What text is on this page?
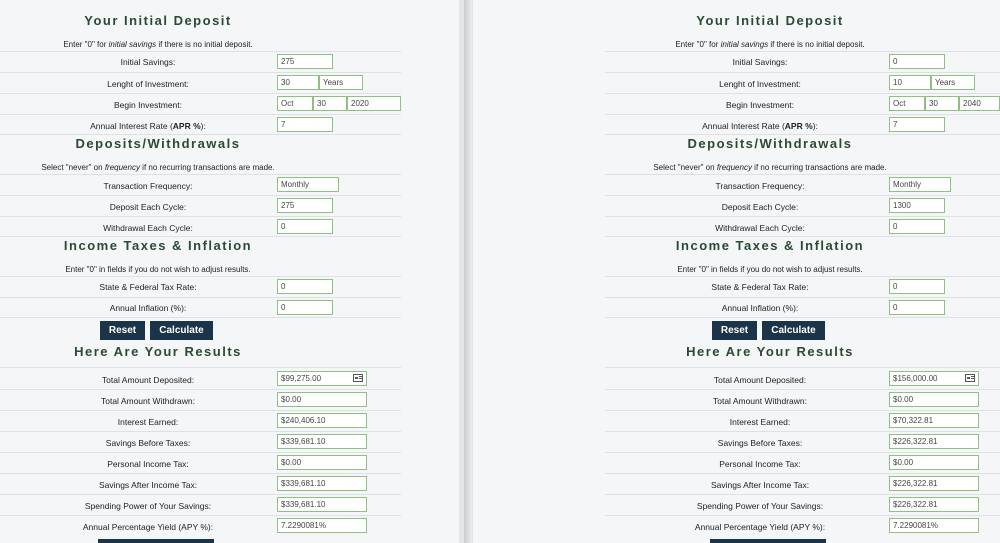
Your Initial Deposit
Enter "0" for initial savings if there is no initial deposit.
Initial Savings:	275
Lenght of Investment:	30	Years
Begin Investment:	Oct	30	2020
Annual Interest Rate (APR %):	7
Deposits/Withdrawals
Select "never" on frequency if no recurring transactions are made.
Transaction Frequency:	Monthly
Deposit Each Cycle:	275
Withdrawal Each Cycle:	0
Income Taxes & Inflation
Enter "0" in fields if you do not wish to adjust results.
State & Federal Tax Rate:	0
Annual Inflation (%):	0
Reset	Calculate
Here Are Your Results
Total Amount Deposited:	$99,275.00
Total Amount Withdrawn:	$0.00
Interest Earned:	$240,406.10
Savings Before Taxes:	$339,681.10
Personal Income Tax:	$0.00
Savings After Income Tax:	$339,681.10
Spending Power of Your Savings:	$339,681.10
Annual Percentage Yield (APY %):	7.2290081%
Your Initial Deposit
Enter "0" for initial savings if there is no initial deposit.
Initial Savings:	0
Lenght of Investment:	10	Years
Begin Investment:	Oct	30	2040
Annual Interest Rate (APR %):	7
Deposits/Withdrawals
Select "never" on frequency if no recurring transactions are made.
Transaction Frequency:	Monthly
Deposit Each Cycle:	1300
Withdrawal Each Cycle:	0
Income Taxes & Inflation
Enter "0" in fields if you do not wish to adjust results.
State & Federal Tax Rate:	0
Annual Inflation (%):	0
Reset	Calculate
Here Are Your Results
Total Amount Deposited:	$156,000.00
Total Amount Withdrawn:	$0.00
Interest Earned:	$70,322.81
Savings Before Taxes:	$226,322.81
Personal Income Tax:	$0.00
Savings After Income Tax:	$226,322.81
Spending Power of Your Savings:	$226,322.81
Annual Percentage Yield (APY %):	7.2290081%
